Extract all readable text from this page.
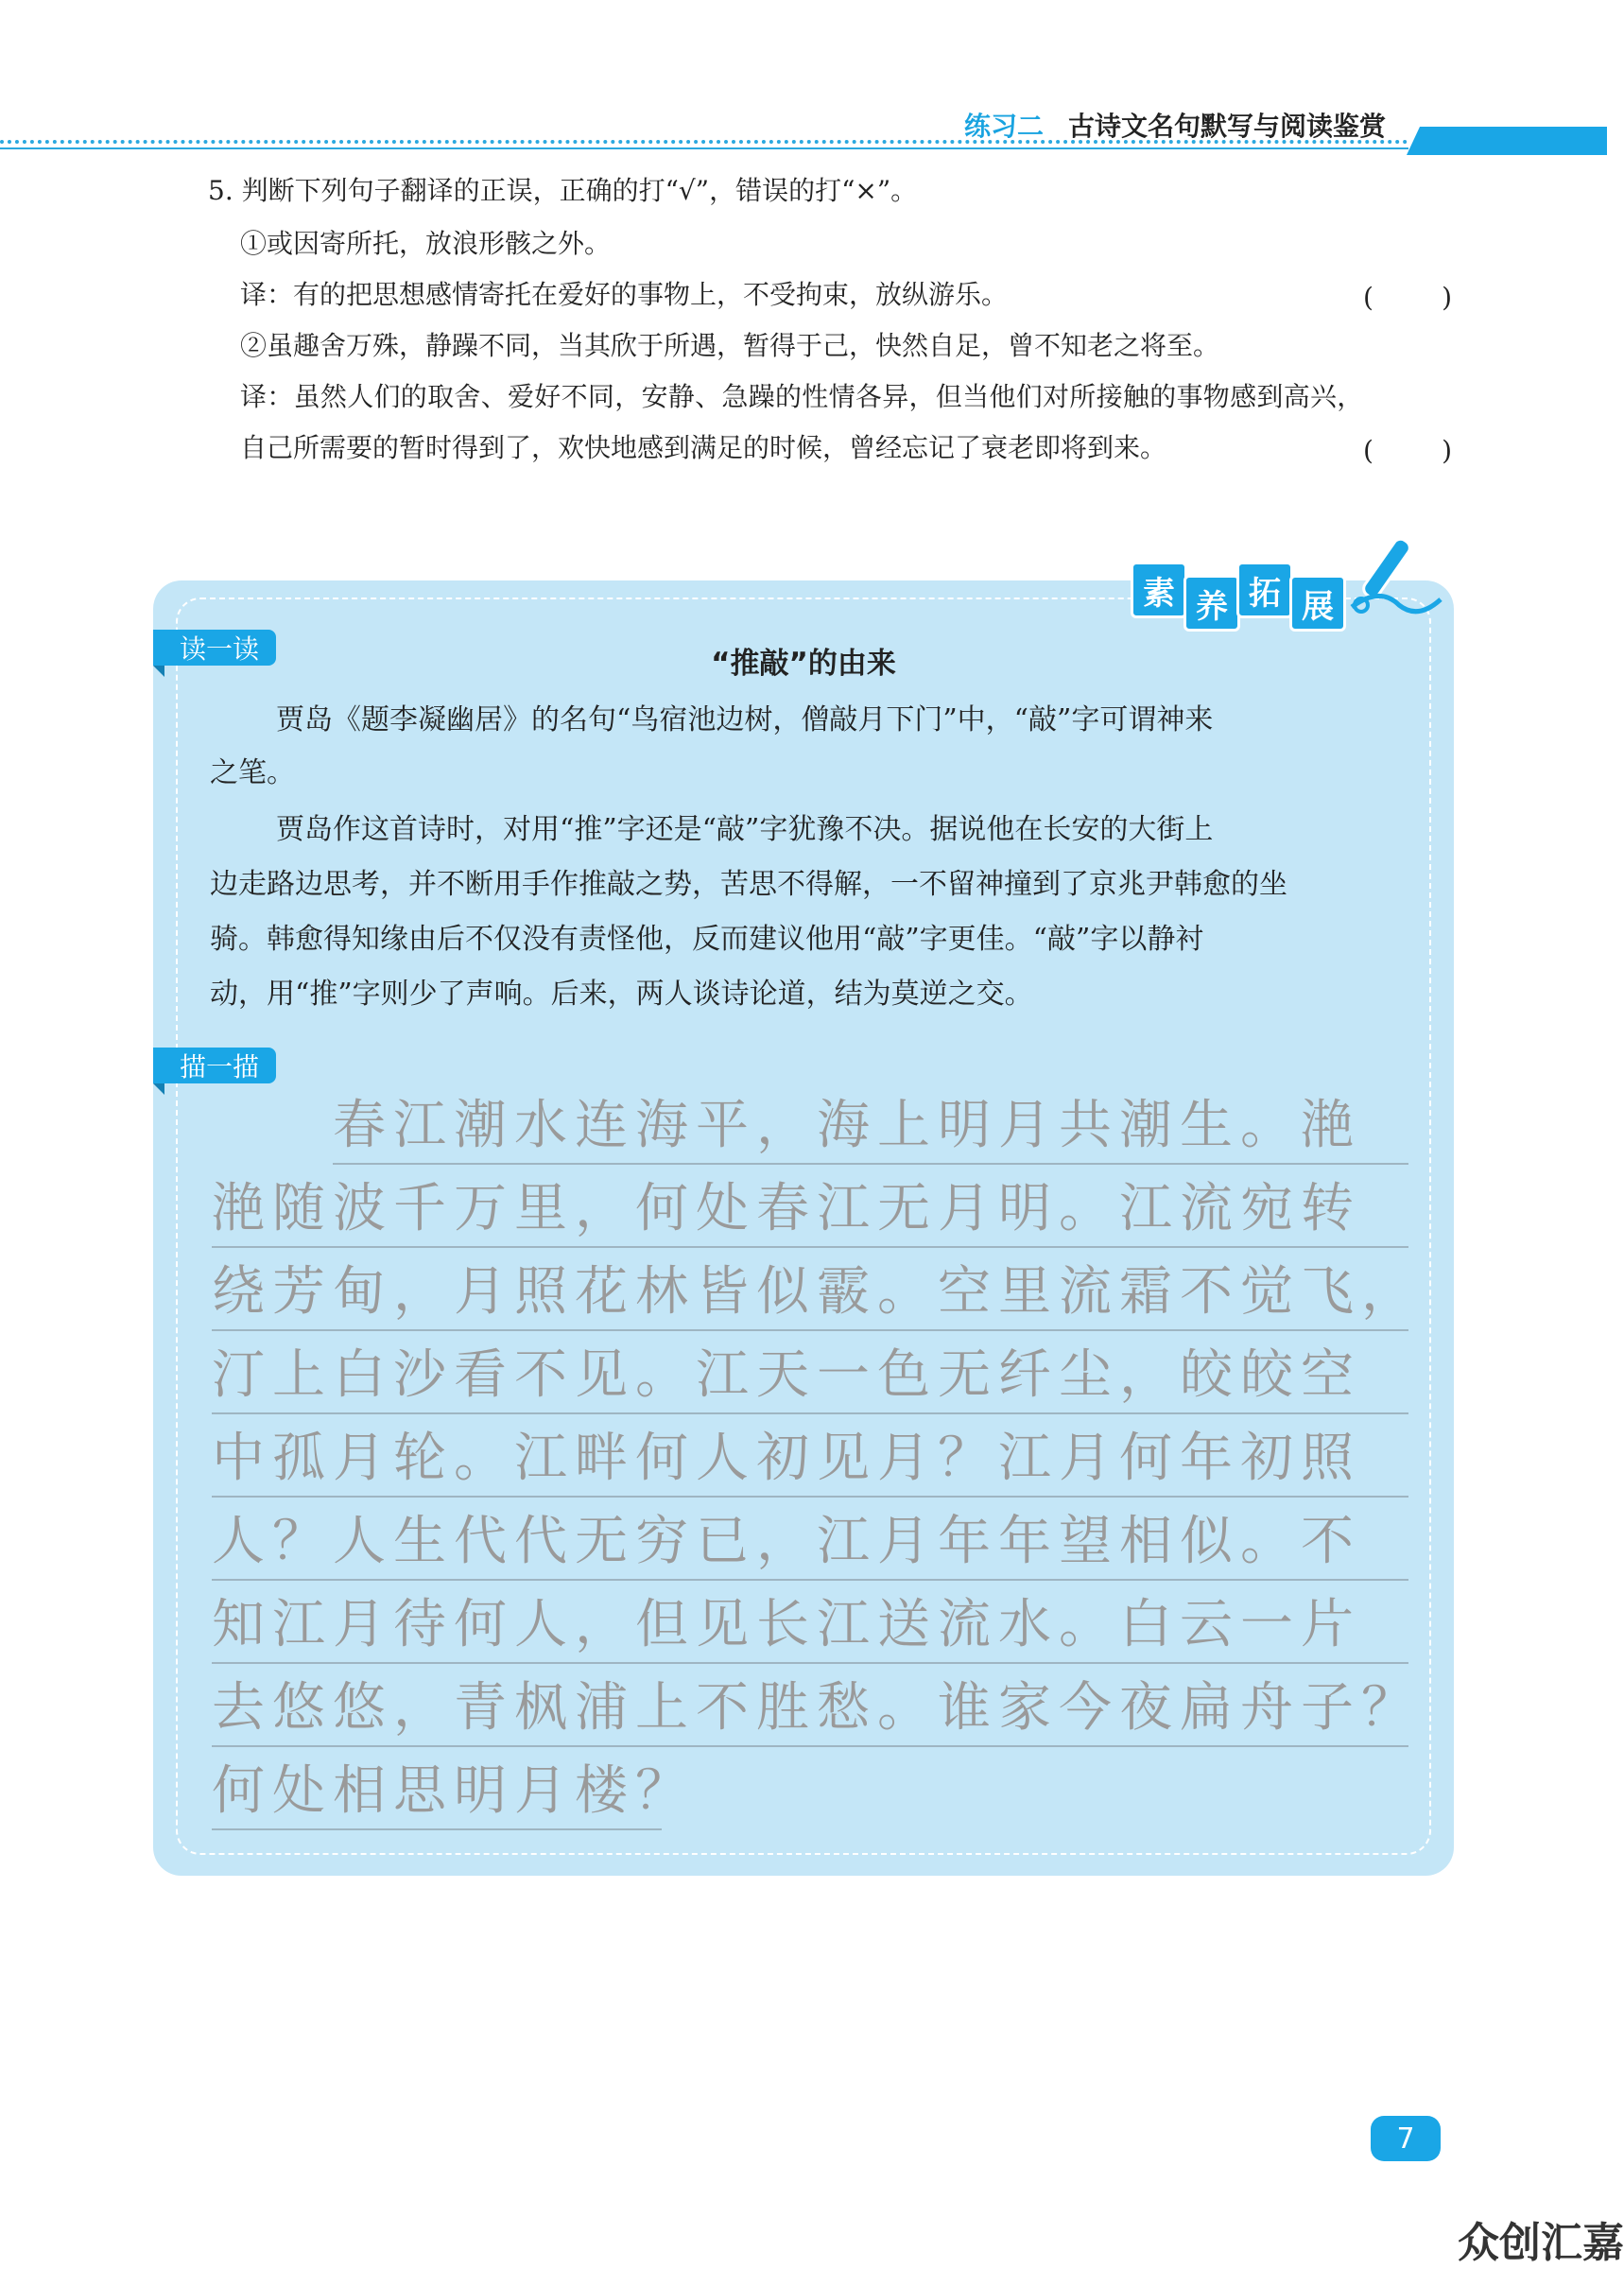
练习二 古诗文名句默写与阅读鉴赏
5. 判断下列句子翻译的正误，正确的打“√”，错误的打“×”。
①或因寄所托，放浪形骸之外。
译：有的把思想感情寄托在爱好的事物上，不受拘束，放纵游乐。	(	)
②虽趣舍万殊，静躁不同，当其欣于所遇，暂得于己，快然自足，曾不知老之将至。
译：虽然人们的取舍、爱好不同，安静、急躁的性情各异，但当他们对所接触的事物感到高兴，
自己所需要的暂时得到了，欢快地感到满足的时候，曾经忘记了衰老即将到来。	(	)
素 养 拓 展
读一读	“推敲”的由来
贾岛《题李凝幽居》的名句“鸟宿池边树，僧敲月下门”中，“敲”字可谓神来
之笔。
贾岛作这首诗时，对用“推”字还是“敲”字犹豫不决。据说他在长安的大街上
边走路边思考，并不断用手作推敲之势，苦思不得解，一不留神撞到了京兆尹韩愈的坐
骑。韩愈得知缘由后不仅没有责怪他，反而建议他用“敲”字更佳。“敲”字以静衬
动，用“推”字则少了声响。后来，两人谈诗论道，结为莫逆之交。
描一描
春江潮水连海平，海上明月共潮生。滟
滟随波千万里，何处春江无月明。江流宛转
绕芳甸，月照花林皆似霰。空里流霜不觉飞，
汀上白沙看不见。江天一色无纤尘，皎皎空
中孤月轮。江畔何人初见月？江月何年初照
人？人生代代无穷已，江月年年望相似。不
知江月待何人，但见长江送流水。白云一片
去悠悠，青枫浦上不胜愁。谁家今夜扁舟子？
何处相思明月楼？
7
众创汇嘉
